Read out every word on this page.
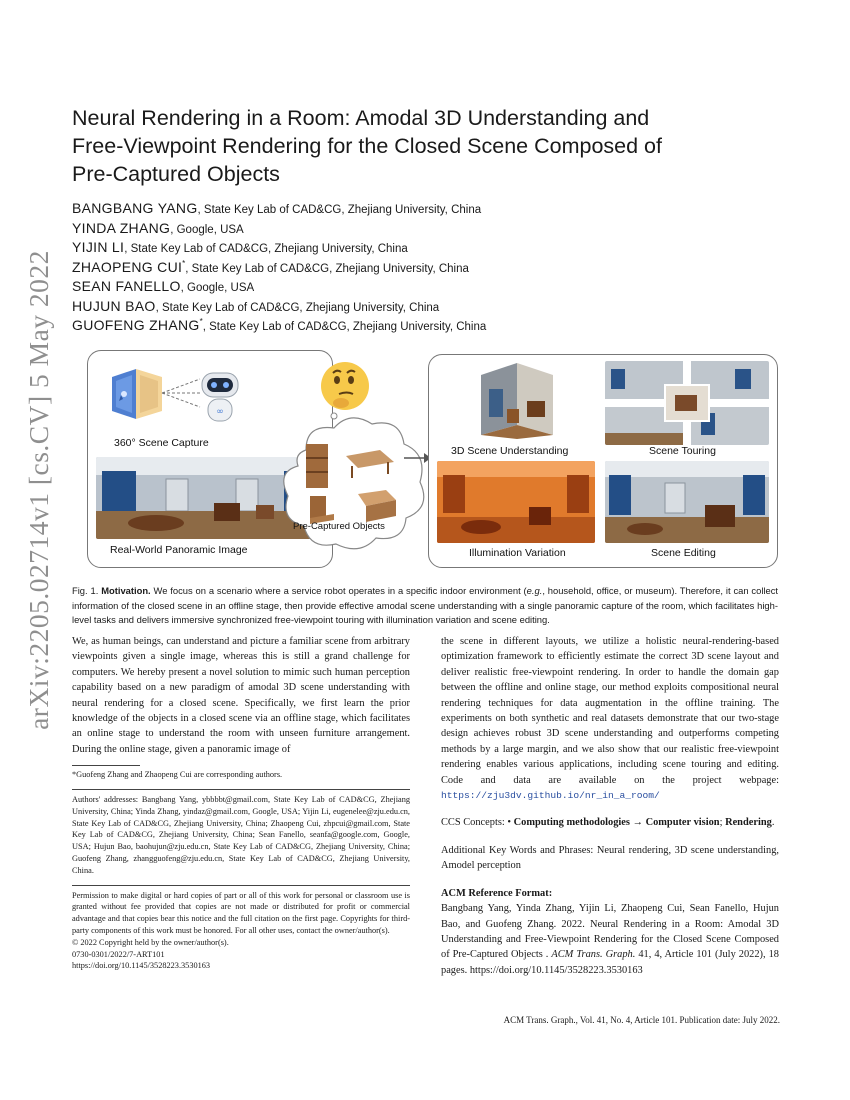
arXiv:2205.02714v1 [cs.CV] 5 May 2022
Neural Rendering in a Room: Amodal 3D Understanding and
Free-Viewpoint Rendering for the Closed Scene Composed of
Pre-Captured Objects
BANGBANG YANG, State Key Lab of CAD&CG, Zhejiang University, China
YINDA ZHANG, Google, USA
YIJIN LI, State Key Lab of CAD&CG, Zhejiang University, China
ZHAOPENG CUI*, State Key Lab of CAD&CG, Zhejiang University, China
SEAN FANELLO, Google, USA
HUJUN BAO, State Key Lab of CAD&CG, Zhejiang University, China
GUOFENG ZHANG*, State Key Lab of CAD&CG, Zhejiang University, China
∞
360° Scene Capture
Real-World Panoramic Image
Pre-Captured Objects
3D Scene Understanding	Scene Touring
Illumination Variation	Scene Editing
Fig. 1. Motivation. We focus on a scenario where a service robot operates in a specific indoor environment (e.g., household, office, or museum). Therefore, it can collect information of the closed scene in an offline stage, then provide effective amodal scene understanding with a single panoramic capture of the room, which facilitates high-level tasks and delivers immersive synchronized free-viewpoint touring with illumination variation and scene editing.

We, as human beings, can understand and picture a familiar scene from arbitrary viewpoints given a single image, whereas this is still a grand challenge for computers. We hereby present a novel solution to mimic such human perception capability based on a new paradigm of amodal 3D scene understanding with neural rendering for a closed scene. Specifically, we first learn the prior knowledge of the objects in a closed scene via an offline stage, which facilitates an online stage to understand the room with unseen furniture arrangement. During the online stage, given a panoramic image of

*Guofeng Zhang and Zhaopeng Cui are corresponding authors.

Authors' addresses: Bangbang Yang, ybbbbt@gmail.com, State Key Lab of CAD&CG, Zhejiang University, China; Yinda Zhang, yindaz@gmail.com, Google, USA; Yijin Li, eugenelee@zju.edu.cn, State Key Lab of CAD&CG, Zhejiang University, China; Zhaopeng Cui, zhpcui@gmail.com, State Key Lab of CAD&CG, Zhejiang University, China; Sean Fanello, seanfa@google.com, Google, USA; Hujun Bao, baohujun@zju.edu.cn, State Key Lab of CAD&CG, Zhejiang University, China; Guofeng Zhang, zhangguofeng@zju.edu.cn, State Key Lab of CAD&CG, Zhejiang University, China.

Permission to make digital or hard copies of part or all of this work for personal or classroom use is granted without fee provided that copies are not made or distributed for profit or commercial advantage and that copies bear this notice and the full citation on the first page. Copyrights for third-party components of this work must be honored. For all other uses, contact the owner/author(s).

© 2022 Copyright held by the owner/author(s).

0730-0301/2022/7-ART101

https://doi.org/10.1145/3528223.3530163

the scene in different layouts, we utilize a holistic neural-rendering-based optimization framework to efficiently estimate the correct 3D scene layout and deliver realistic free-viewpoint rendering. In order to handle the domain gap between the offline and online stage, our method exploits compositional neural rendering techniques for data augmentation in the offline training. The experiments on both synthetic and real datasets demonstrate that our two-stage design achieves robust 3D scene understanding and outperforms competing methods by a large margin, and we also show that our realistic free-viewpoint rendering enables various applications, including scene touring and editing. Code and data are available on the project webpage: https://zju3dv.github.io/nr_in_a_room/

CCS Concepts: • Computing methodologies → Computer vision; Rendering.

Additional Key Words and Phrases: Neural rendering, 3D scene understanding, Amodel perception

ACM Reference Format:

Bangbang Yang, Yinda Zhang, Yijin Li, Zhaopeng Cui, Sean Fanello, Hujun Bao, and Guofeng Zhang. 2022. Neural Rendering in a Room: Amodal 3D Understanding and Free-Viewpoint Rendering for the Closed Scene Composed of Pre-Captured Objects . ACM Trans. Graph. 41, 4, Article 101 (July 2022), 18 pages. https://doi.org/10.1145/3528223.3530163

ACM Trans. Graph., Vol. 41, No. 4, Article 101. Publication date: July 2022.
